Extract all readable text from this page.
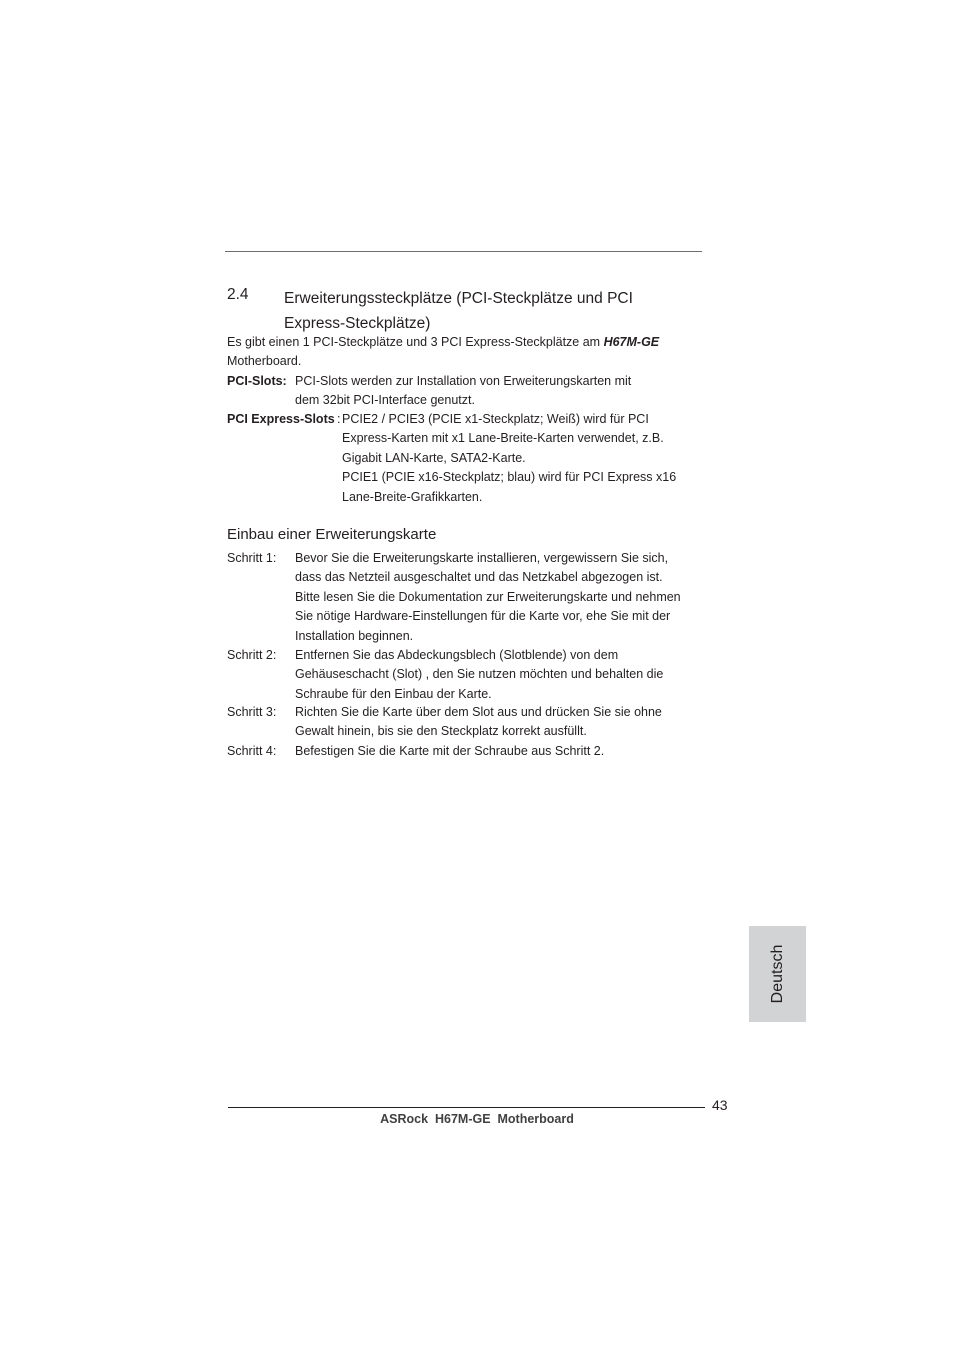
2.4 Erweiterungssteckplätze (PCI-Steckplätze und PCI
Express-Steckplätze)
Es gibt einen 1 PCI-Steckplätze und 3 PCI Express-Steckplätze am H67M-GE
Motherboard.
PCI-Slots: PCI-Slots werden zur Installation von Erweiterungskarten mit
dem 32bit PCI-Interface genutzt.
PCI Express-Slots : PCIE2 / PCIE3 (PCIE x1-Steckplatz; Weiß) wird für PCI
Express-Karten mit x1 Lane-Breite-Karten verwendet, z.B.
Gigabit LAN-Karte, SATA2-Karte.
PCIE1 (PCIE x16-Steckplatz; blau) wird für PCI Express x16
Lane-Breite-Grafikkarten.
Einbau einer Erweiterungskarte
Schritt 1: Bevor Sie die Erweiterungskarte installieren, vergewissern Sie sich,
dass das Netzteil ausgeschaltet und das Netzkabel abgezogen ist.
Bitte lesen Sie die Dokumentation zur Erweiterungskarte und nehmen
Sie nötige Hardware-Einstellungen für die Karte vor, ehe Sie mit der
Installation beginnen.
Schritt 2: Entfernen Sie das Abdeckungsblech (Slotblende) von dem
Gehäuseschacht (Slot) , den Sie nutzen möchten und behalten die
Schraube für den Einbau der Karte.
Schritt 3: Richten Sie die Karte über dem Slot aus und drücken Sie sie ohne
Gewalt hinein, bis sie den Steckplatz korrekt ausfüllt.
Schritt 4: Befestigen Sie die Karte mit der Schraube aus Schritt 2.
Deutsch
43
ASRock  H67M-GE  Motherboard
